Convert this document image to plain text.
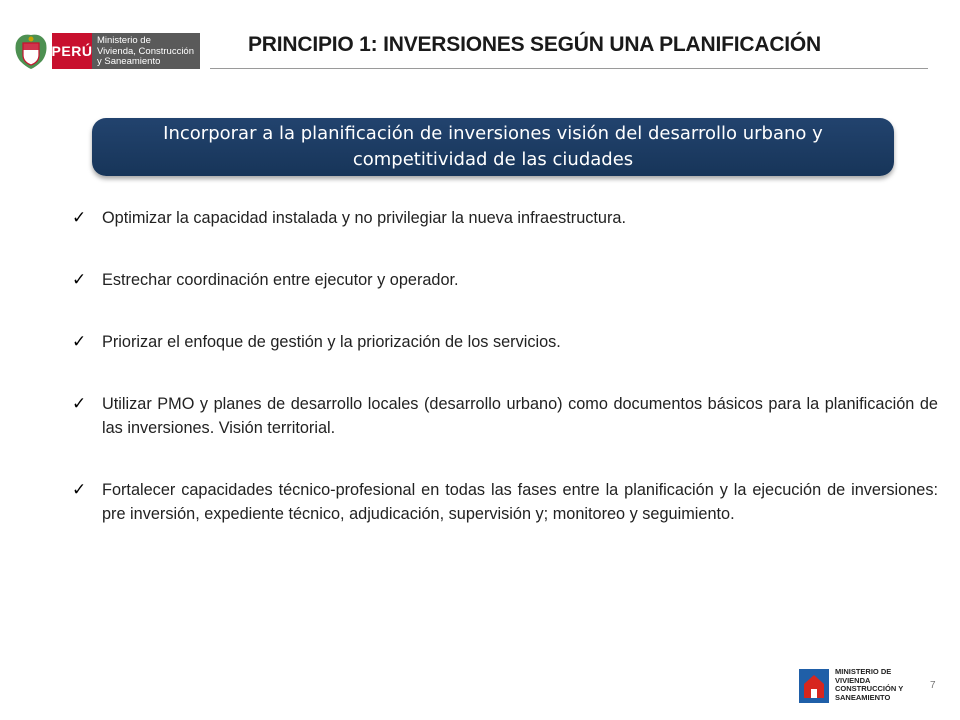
PERÚ
Ministerio de
Vivienda, Construcción
y Saneamiento
PRINCIPIO 1: INVERSIONES SEGÚN UNA PLANIFICACIÓN
Incorporar a la planificación de inversiones visión del desarrollo urbano y competitividad de las ciudades
✓ Optimizar la capacidad instalada y no privilegiar la nueva infraestructura.
✓ Estrechar coordinación entre ejecutor y operador.
✓ Priorizar el enfoque de gestión y la priorización de los servicios.
✓ Utilizar PMO y planes de desarrollo locales (desarrollo urbano) como documentos básicos para la planificación de las inversiones. Visión territorial.
✓ Fortalecer capacidades técnico-profesional en todas las fases entre la planificación y la ejecución de inversiones: pre inversión, expediente técnico, adjudicación, supervisión y; monitoreo y seguimiento.
MINISTERIO DE
VIVIENDA
CONSTRUCCIÓN Y
SANEAMIENTO
7
